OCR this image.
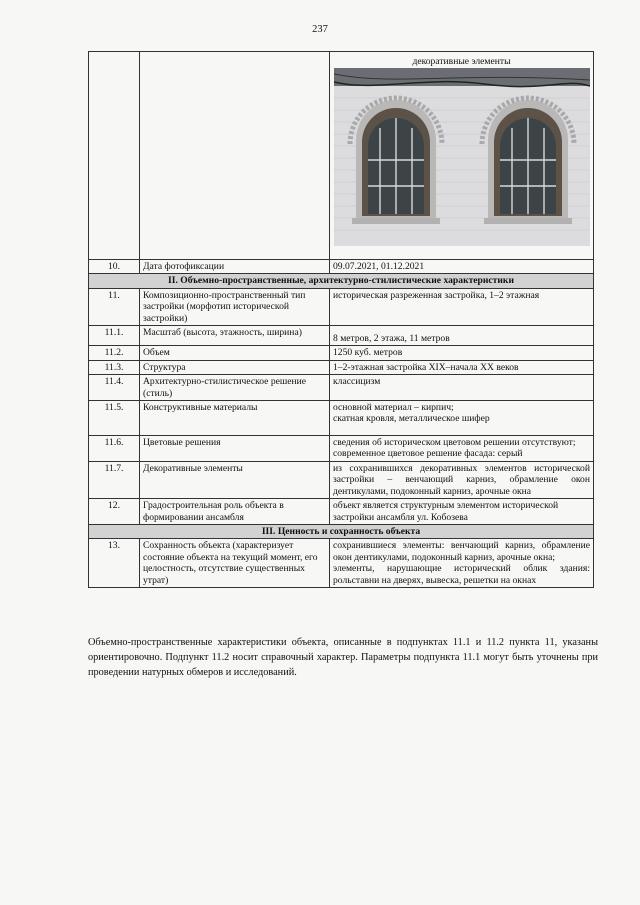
237

		декоративные элементы

10.	Дата фотофиксации	09.07.2021, 01.12.2021
II. Объемно-пространственные, архитектурно-стилистические характеристики		
11.	Композиционно-пространственный тип застройки (морфотип исторической застройки)	историческая разреженная застройка, 1–2 этажная
11.1.	Масштаб (высота, этажность, ширина)	8 метров, 2 этажа, 11 метров
11.2.	Объем	1250 куб. метров
11.3.	Структура	1–2-этажная застройка XIX–начала XX веков
11.4.	Архитектурно-стилистическое решение (стиль)	классицизм
11.5.	Конструктивные материалы	основной материал – кирпич;
скатная кровля, металлическое шифер

11.6.	Цветовые решения	сведения об историческом цветовом решении отсутствуют;
современное цветовое решение фасада: серый

11.7.	Декоративные элементы	из сохранившихся декоративных элементов исторической застройки – венчающий карниз, обрамление окон дентикулами, подоконный карниз, арочные окна
12.	Градостроительная роль объекта в формировании ансамбля	объект является структурным элементом исторической застройки ансамбля ул. Кобозева
III. Ценность и сохранность объекта		
13.	Сохранность объекта (характеризует состояние объекта на текущий момент, его целостность, отсутствие существенных утрат)	сохранившиеся элементы: венчающий карниз, обрамление окон дентикулами, подоконный карниз, арочные окна;
элементы, нарушающие исторический облик здания: рольставни на дверях, вывеска, решетки на окнах

Объемно-пространственные характеристики объекта, описанные в подпунктах 11.1 и 11.2 пункта 11, указаны ориентировочно. Подпункт 11.2 носит справочный характер. Параметры подпункта 11.1 могут быть уточнены при проведении натурных обмеров и исследований.
